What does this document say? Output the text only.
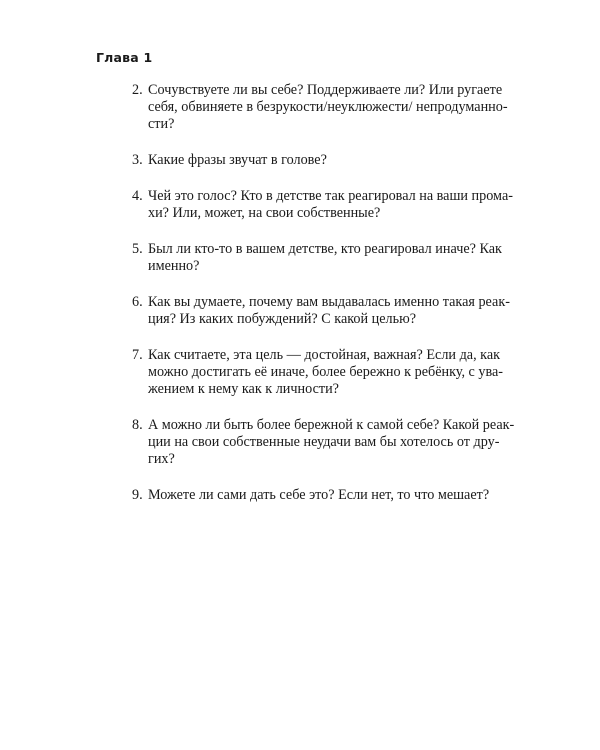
Глава 1
2. Сочувствуете ли вы себе? Поддерживаете ли? Или ругаете
себя, обвиняете в безрукости/неуклюжести/ непродуманно-
сти?
3. Какие фразы звучат в голове?
4. Чей это голос? Кто в детстве так реагировал на ваши прома-
хи? Или, может, на свои собственные?
5. Был ли кто-то в вашем детстве, кто реагировал иначе? Как
именно?
6. Как вы думаете, почему вам выдавалась именно такая реак-
ция? Из каких побуждений? С какой целью?
7. Как считаете, эта цель — достойная, важная? Если да, как
можно достигать её иначе, более бережно к ребёнку, с ува-
жением к нему как к личности?
8. А можно ли быть более бережной к самой себе? Какой реак-
ции на свои собственные неудачи вам бы хотелось от дру-
гих?
9. Можете ли сами дать себе это? Если нет, то что мешает?
